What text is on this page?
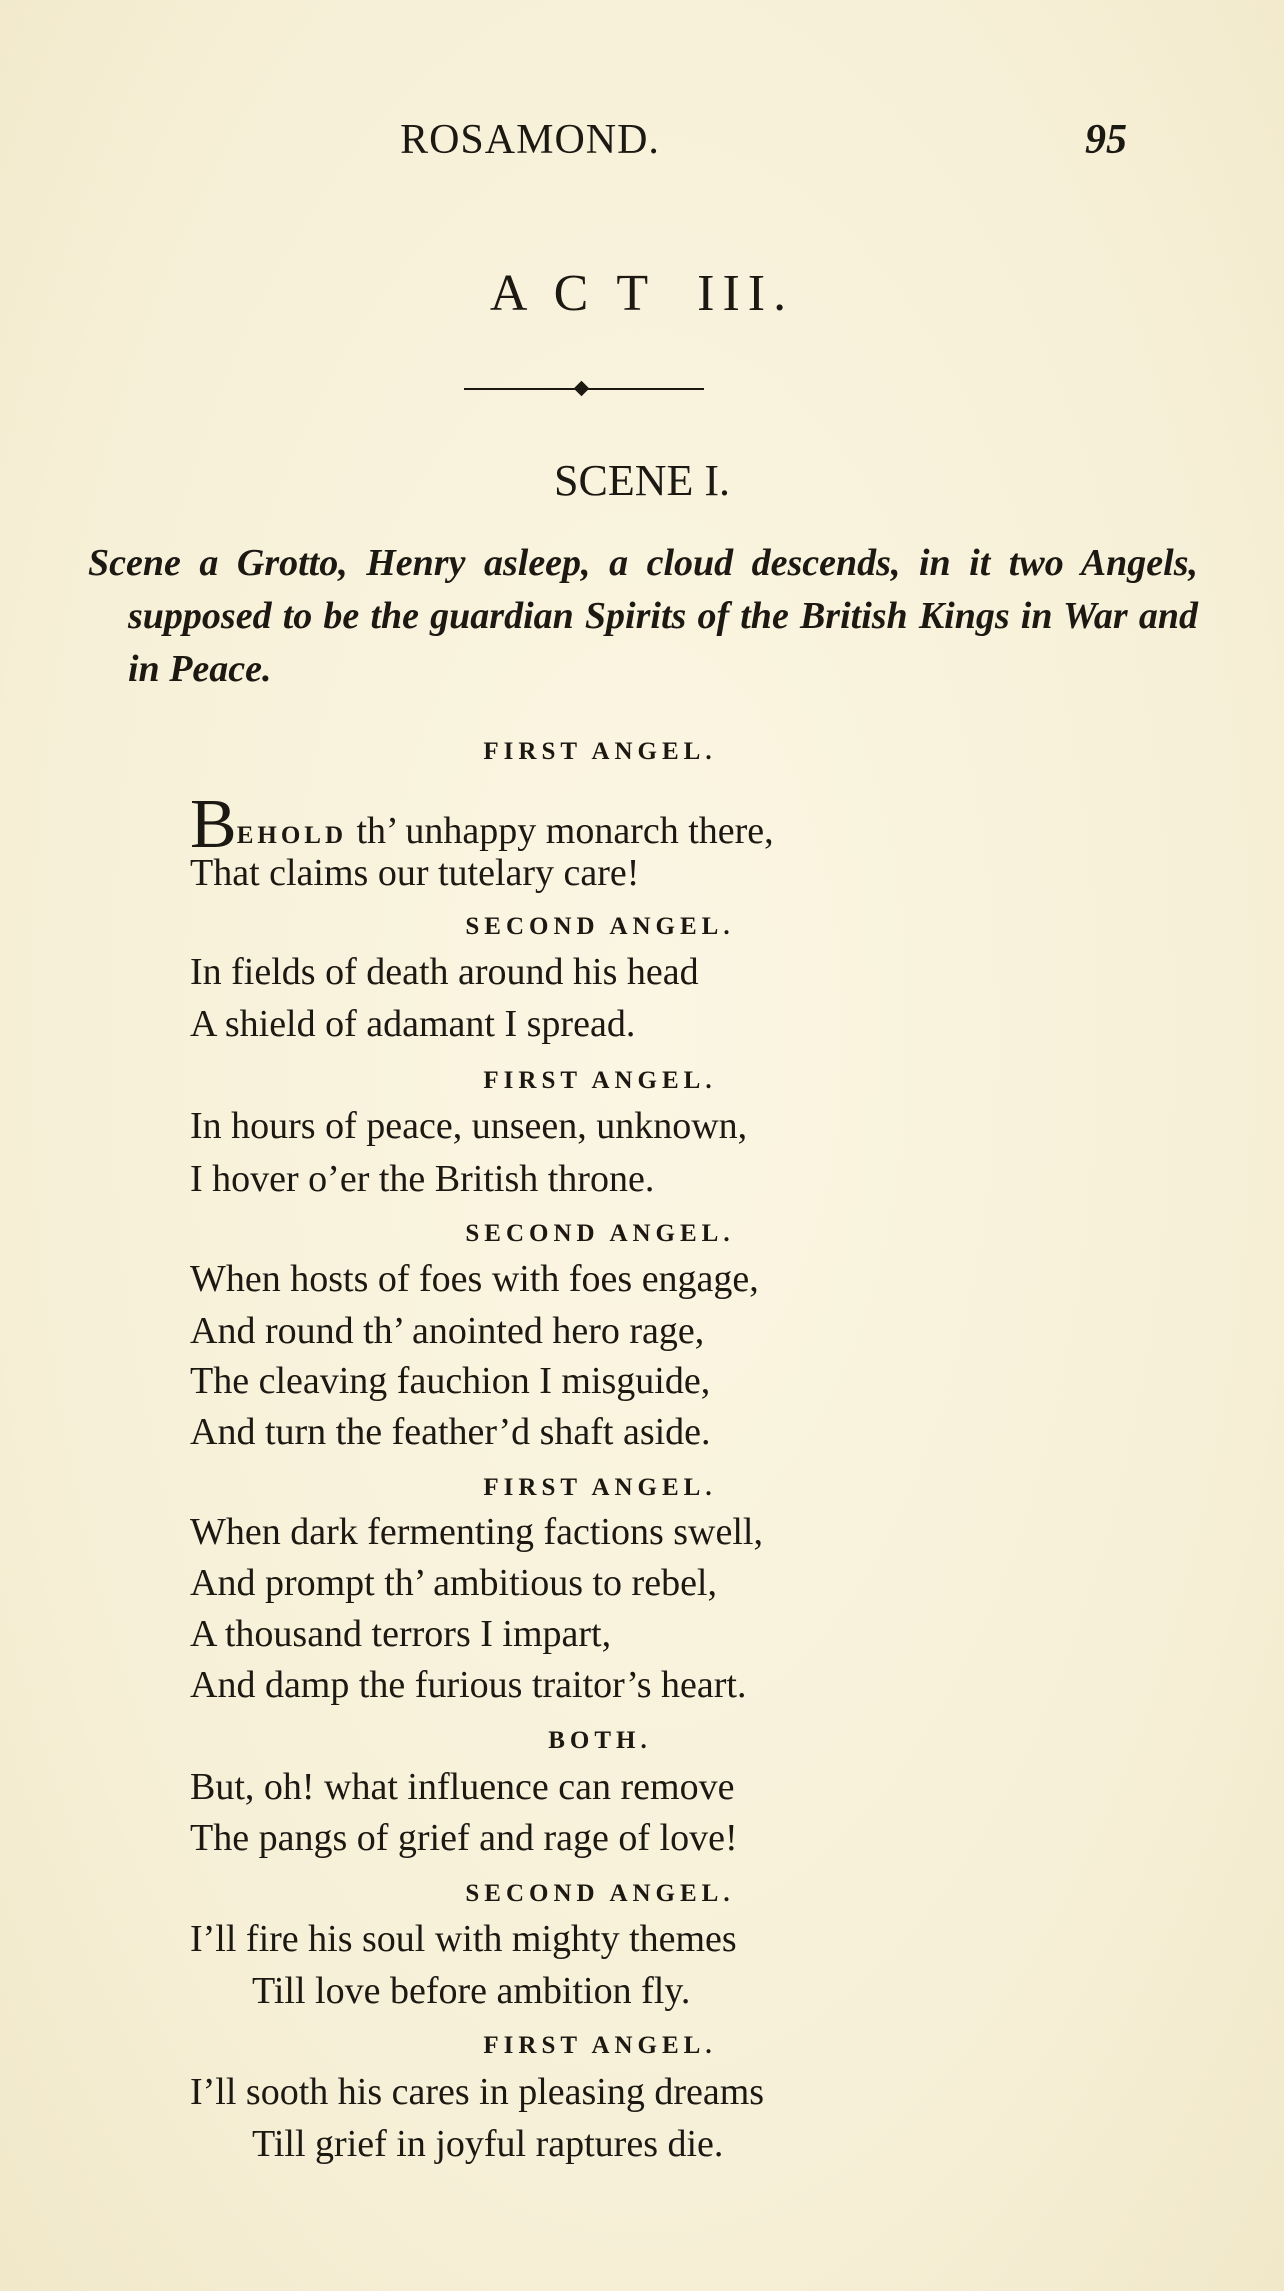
ROSAMOND.	95
A C T  III.
SCENE I.
Scene a Grotto, Henry asleep, a cloud descends, in it two Angels, supposed to be the guardian Spirits of the British Kings in War and in Peace.
FIRST ANGEL.
BEHOLD th’ unhappy monarch there,
That claims our tutelary care!
SECOND ANGEL.
In fields of death around his head
A shield of adamant I spread.
FIRST ANGEL.
In hours of peace, unseen, unknown,
I hover o’er the British throne.
SECOND ANGEL.
When hosts of foes with foes engage,
And round th’ anointed hero rage,
The cleaving fauchion I misguide,
And turn the feather’d shaft aside.
FIRST ANGEL.
When dark fermenting factions swell,
And prompt th’ ambitious to rebel,
A thousand terrors I impart,
And damp the furious traitor’s heart.
BOTH.
But, oh! what influence can remove
The pangs of grief and rage of love!
SECOND ANGEL.
I’ll fire his soul with mighty themes
Till love before ambition fly.
FIRST ANGEL.
I’ll sooth his cares in pleasing dreams
Till grief in joyful raptures die.
